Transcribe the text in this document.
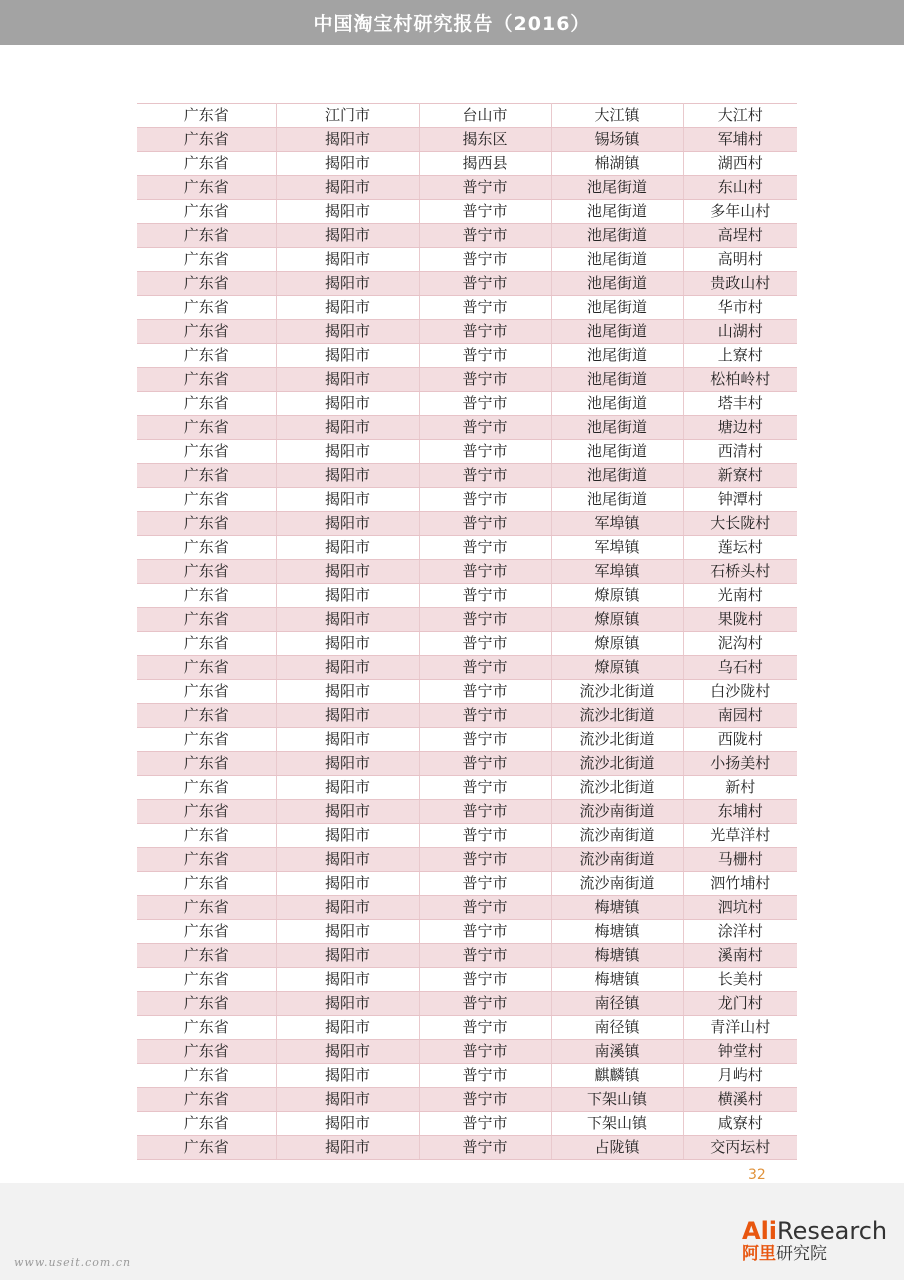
中国淘宝村研究报告（2016）
广东省	江门市	台山市	大江镇	大江村
广东省	揭阳市	揭东区	锡场镇	军埔村
广东省	揭阳市	揭西县	棉湖镇	湖西村
广东省	揭阳市	普宁市	池尾街道	东山村
广东省	揭阳市	普宁市	池尾街道	多年山村
广东省	揭阳市	普宁市	池尾街道	高埕村
广东省	揭阳市	普宁市	池尾街道	高明村
广东省	揭阳市	普宁市	池尾街道	贵政山村
广东省	揭阳市	普宁市	池尾街道	华市村
广东省	揭阳市	普宁市	池尾街道	山湖村
广东省	揭阳市	普宁市	池尾街道	上寮村
广东省	揭阳市	普宁市	池尾街道	松柏岭村
广东省	揭阳市	普宁市	池尾街道	塔丰村
广东省	揭阳市	普宁市	池尾街道	塘边村
广东省	揭阳市	普宁市	池尾街道	西清村
广东省	揭阳市	普宁市	池尾街道	新寮村
广东省	揭阳市	普宁市	池尾街道	钟潭村
广东省	揭阳市	普宁市	军埠镇	大长陇村
广东省	揭阳市	普宁市	军埠镇	莲坛村
广东省	揭阳市	普宁市	军埠镇	石桥头村
广东省	揭阳市	普宁市	燎原镇	光南村
广东省	揭阳市	普宁市	燎原镇	果陇村
广东省	揭阳市	普宁市	燎原镇	泥沟村
广东省	揭阳市	普宁市	燎原镇	乌石村
广东省	揭阳市	普宁市	流沙北街道	白沙陇村
广东省	揭阳市	普宁市	流沙北街道	南园村
广东省	揭阳市	普宁市	流沙北街道	西陇村
广东省	揭阳市	普宁市	流沙北街道	小扬美村
广东省	揭阳市	普宁市	流沙北街道	新村
广东省	揭阳市	普宁市	流沙南街道	东埔村
广东省	揭阳市	普宁市	流沙南街道	光草洋村
广东省	揭阳市	普宁市	流沙南街道	马栅村
广东省	揭阳市	普宁市	流沙南街道	泗竹埔村
广东省	揭阳市	普宁市	梅塘镇	泗坑村
广东省	揭阳市	普宁市	梅塘镇	涂洋村
广东省	揭阳市	普宁市	梅塘镇	溪南村
广东省	揭阳市	普宁市	梅塘镇	长美村
广东省	揭阳市	普宁市	南径镇	龙门村
广东省	揭阳市	普宁市	南径镇	青洋山村
广东省	揭阳市	普宁市	南溪镇	钟堂村
广东省	揭阳市	普宁市	麒麟镇	月屿村
广东省	揭阳市	普宁市	下架山镇	横溪村
广东省	揭阳市	普宁市	下架山镇	咸寮村
广东省	揭阳市	普宁市	占陇镇	交丙坛村
32
www.useit.com.cn
AliResearch
阿里研究院
